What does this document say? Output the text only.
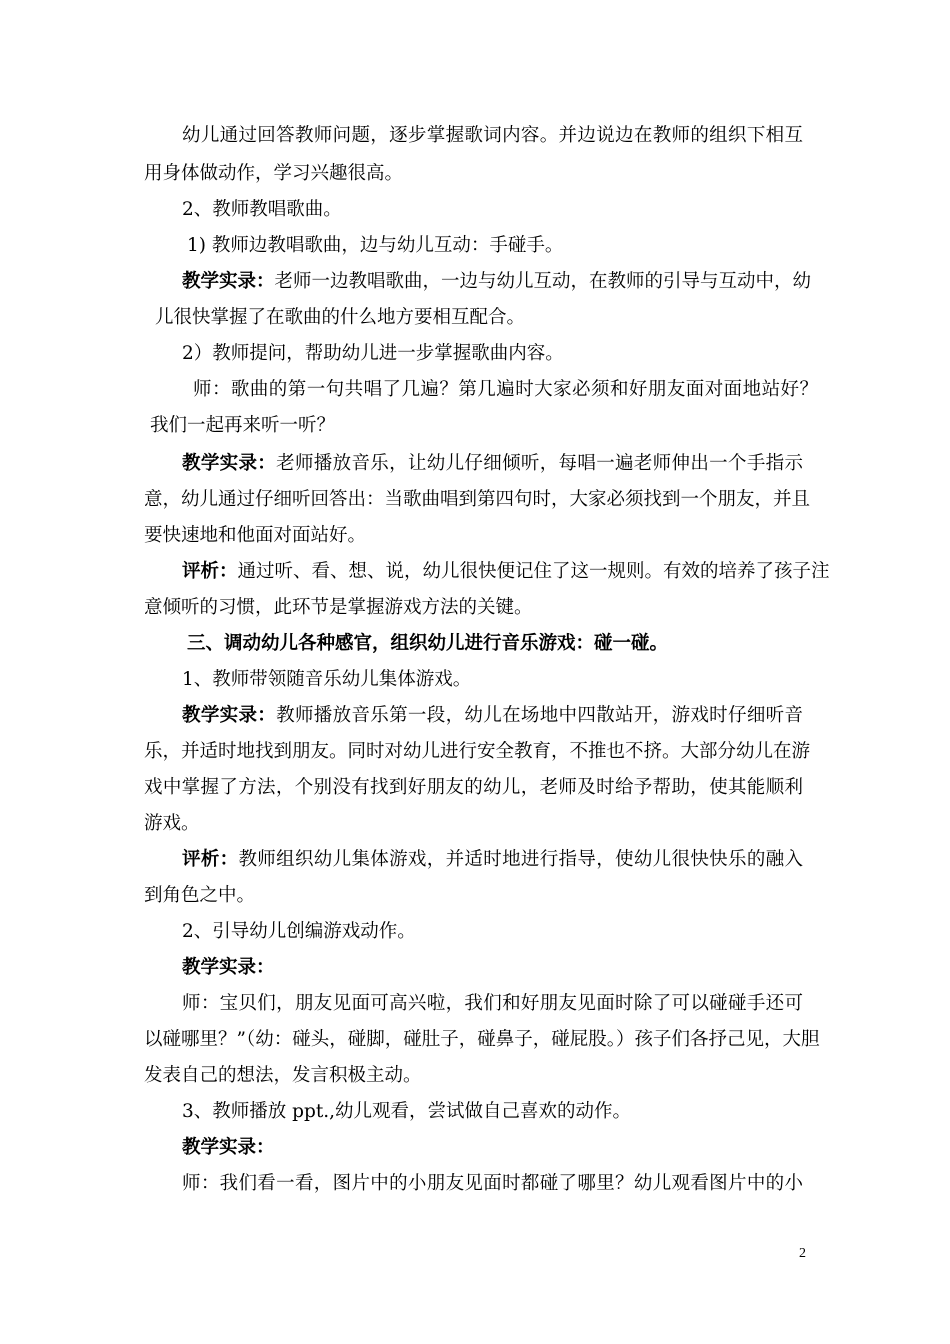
幼儿通过回答教师问题，逐步掌握歌词内容。并边说边在教师的组织下相互
用身体做动作，学习兴趣很高。
2、教师教唱歌曲。
1) 教师边教唱歌曲，边与幼儿互动：手碰手。
教学实录：老师一边教唱歌曲，一边与幼儿互动，在教师的引导与互动中，幼
儿很快掌握了在歌曲的什么地方要相互配合。
2）教师提问，帮助幼儿进一步掌握歌曲内容。
师：歌曲的第一句共唱了几遍？第几遍时大家必须和好朋友面对面地站好？
我们一起再来听一听？
教学实录：老师播放音乐，让幼儿仔细倾听，每唱一遍老师伸出一个手指示
意，幼儿通过仔细听回答出：当歌曲唱到第四句时，大家必须找到一个朋友，并且
要快速地和他面对面站好。
评析：通过听、看、想、说，幼儿很快便记住了这一规则。有效的培养了孩子注
意倾听的习惯，此环节是掌握游戏方法的关键。
三、调动幼儿各种感官，组织幼儿进行音乐游戏：碰一碰。
1、教师带领随音乐幼儿集体游戏。
教学实录：教师播放音乐第一段，幼儿在场地中四散站开，游戏时仔细听音
乐，并适时地找到朋友。同时对幼儿进行安全教育，不推也不挤。大部分幼儿在游
戏中掌握了方法，个别没有找到好朋友的幼儿，老师及时给予帮助，使其能顺利
游戏。
评析：教师组织幼儿集体游戏，并适时地进行指导，使幼儿很快快乐的融入
到角色之中。
2、引导幼儿创编游戏动作。
教学实录：
师：宝贝们，朋友见面可高兴啦，我们和好朋友见面时除了可以碰碰手还可
以碰哪里？”（幼：碰头，碰脚，碰肚子，碰鼻子，碰屁股。）孩子们各抒己见，大胆
发表自己的想法，发言积极主动。
3、教师播放 ppt.,幼儿观看，尝试做自己喜欢的动作。
教学实录：
师：我们看一看，图片中的小朋友见面时都碰了哪里？幼儿观看图片中的小
2
